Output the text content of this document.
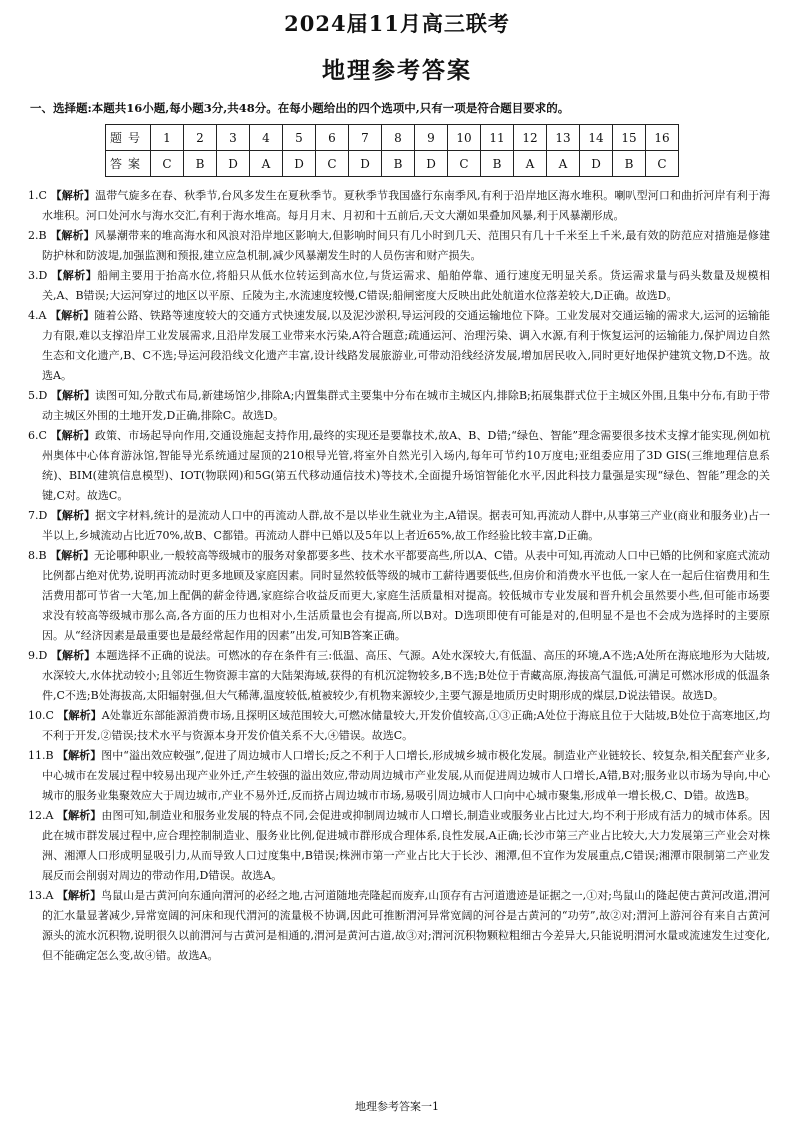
2024届11月高三联考
地理参考答案
一、选择题:本题共16小题,每小题3分,共48分。在每小题给出的四个选项中,只有一项是符合题目要求的。
题号	1	2	3	4	5	6	7	8	9	10	11	12	13	14	15	16
答案	C	B	D	A	D	C	D	B	D	C	B	A	A	D	B	C

1.C 【解析】温带气旋多在春、秋季节,台风多发生在夏秋季节。夏秋季节我国盛行东南季风,有利于沿岸地区海水堆积。喇叭型河口和曲折河岸有利于海水堆积。河口处河水与海水交汇,有利于海水堆高。每月月末、月初和十五前后,天文大潮如果叠加风暴,利于风暴潮形成。

2.B 【解析】风暴潮带来的堆高海水和风浪对沿岸地区影响大,但影响时间只有几小时到几天、范围只有几十千米至上千米,最有效的防范应对措施是修建防护林和防波堤,加强监测和预报,建立应急机制,减少风暴潮发生时的人员伤害和财产损失。

3.D 【解析】船闸主要用于抬高水位,将船只从低水位转运到高水位,与货运需求、船舶停靠、通行速度无明显关系。货运需求量与码头数量及规模相关,A、B错误;大运河穿过的地区以平原、丘陵为主,水流速度较慢,C错误;船闸密度大反映出此处航道水位落差较大,D正确。故选D。

4.A 【解析】随着公路、铁路等速度较大的交通方式快速发展,以及泥沙淤积,导运河段的交通运输地位下降。工业发展对交通运输的需求大,运河的运输能力有限,难以支撑沿岸工业发展需求,且沿岸发展工业带来水污染,A符合题意;疏通运河、治理污染、调入水源,有利于恢复运河的运输能力,保护周边自然生态和文化遗产,B、C不选;导运河段沿线文化遗产丰富,设计线路发展旅游业,可带动沿线经济发展,增加居民收入,同时更好地保护建筑文物,D不选。故选A。

5.D 【解析】读图可知,分散式布局,新建场馆少,排除A;内置集群式主要集中分布在城市主城区内,排除B;拓展集群式位于主城区外围,且集中分布,有助于带动主城区外围的土地开发,D正确,排除C。故选D。

6.C 【解析】政策、市场起导向作用,交通设施起支持作用,最终的实现还是要靠技术,故A、B、D错;“绿色、智能”理念需要很多技术支撑才能实现,例如杭州奥体中心体育游泳馆,智能导光系统通过屋顶的210根导光管,将室外自然光引入场内,每年可节约10万度电;亚组委应用了3D GIS(三维地理信息系统)、BIM(建筑信息模型)、IOT(物联网)和5G(第五代移动通信技术)等技术,全面提升场馆智能化水平,因此科技力量强是实现“绿色、智能”理念的关键,C对。故选C。

7.D 【解析】据文字材料,统计的是流动人口中的再流动人群,故不是以毕业生就业为主,A错误。据表可知,再流动人群中,从事第三产业(商业和服务业)占一半以上,乡城流动占比近70%,故B、C都错。再流动人群中已婚以及5年以上者近65%,故工作经验比较丰富,D正确。

8.B 【解析】无论哪种职业,一般较高等级城市的服务对象都要多些、技术水平都要高些,所以A、C错。从表中可知,再流动人口中已婚的比例和家庭式流动比例都占绝对优势,说明再流动时更多地顾及家庭因素。同时显然较低等级的城市工薪待遇要低些,但房价和消费水平也低,一家人在一起后住宿费用和生活费用都可节省一大笔,加上配偶的薪金待遇,家庭综合收益反而更大,家庭生活质量相对提高。较低城市专业发展和晋升机会虽然要小些,但可能市场要求没有较高等级城市那么高,各方面的压力也相对小,生活质量也会有提高,所以B对。D选项即使有可能是对的,但明显不是也不会成为选择时的主要原因。从“经济因素是最重要也是最经常起作用的因素”出发,可知B答案正确。

9.D 【解析】本题选择不正确的说法。可燃冰的存在条件有三:低温、高压、气源。A处水深较大,有低温、高压的环境,A不选;A处所在海底地形为大陆坡,水深较大,水体扰动较小;且邻近生物资源丰富的大陆架海域,获得的有机沉淀物较多,B不选;B处位于青藏高原,海拔高气温低,可满足可燃冰形成的低温条件,C不选;B处海拔高,太阳辐射强,但大气稀薄,温度较低,植被较少,有机物来源较少,主要气源是地质历史时期形成的煤层,D说法错误。故选D。

10.C 【解析】A处靠近东部能源消费市场,且探明区域范围较大,可燃冰储量较大,开发价值较高,①③正确;A处位于海底且位于大陆坡,B处位于高寒地区,均不利于开发,②错误;技术水平与资源本身开发价值关系不大,④错误。故选C。

11.B 【解析】图中“溢出效应較强”,促进了周边城市人口增长;反之不利于人口增长,形成城乡城市极化发展。制造业产业链较长、较复杂,相关配套产业多,中心城市在发展过程中较易出现产业外迁,产生较强的溢出效应,带动周边城市产业发展,从而促进周边城市人口增长,A错,B对;服务业以市场为导向,中心城市的服务业集聚效应大于周边城市,产业不易外迁,反而挤占周边城市市场,易吸引周边城市人口向中心城市聚集,形成单一增长极,C、D错。故选B。

12.A 【解析】由图可知,制造业和服务业发展的特点不同,会促进或抑制周边城市人口增长,制造业或服务业占比过大,均不利于形成有活力的城市体系。因此在城市群发展过程中,应合理控制制造业、服务业比例,促进城市群形成合理体系,良性发展,A正确;长沙市第三产业占比较大,大力发展第三产业会对株洲、湘潭人口形成明显吸引力,从而导致人口过度集中,B错误;株洲市第一产业占比大于长沙、湘潭,但不宜作为发展重点,C错误;湘潭市限制第二产业发展反而会削弱对周边的带动作用,D错误。故选A。

13.A 【解析】鸟鼠山是古黄河向东通向渭河的必经之地,古河道随地壳隆起而废弃,山顶存有古河道遗迹是证据之一,①对;鸟鼠山的隆起使古黄河改道,渭河的汇水量显著减少,异常宽阔的河床和现代渭河的流量极不协调,因此可推断渭河异常宽阔的河谷是古黄河的“功劳”,故②对;渭河上游河谷有来自古黄河源头的流水沉积物,说明很久以前渭河与古黄河是相通的,渭河是黄河古道,故③对;渭河沉积物颗粒粗细古今差异大,只能说明渭河水量或流速发生过变化,但不能确定怎么变,故④错。故选A。

地理参考答案一1
